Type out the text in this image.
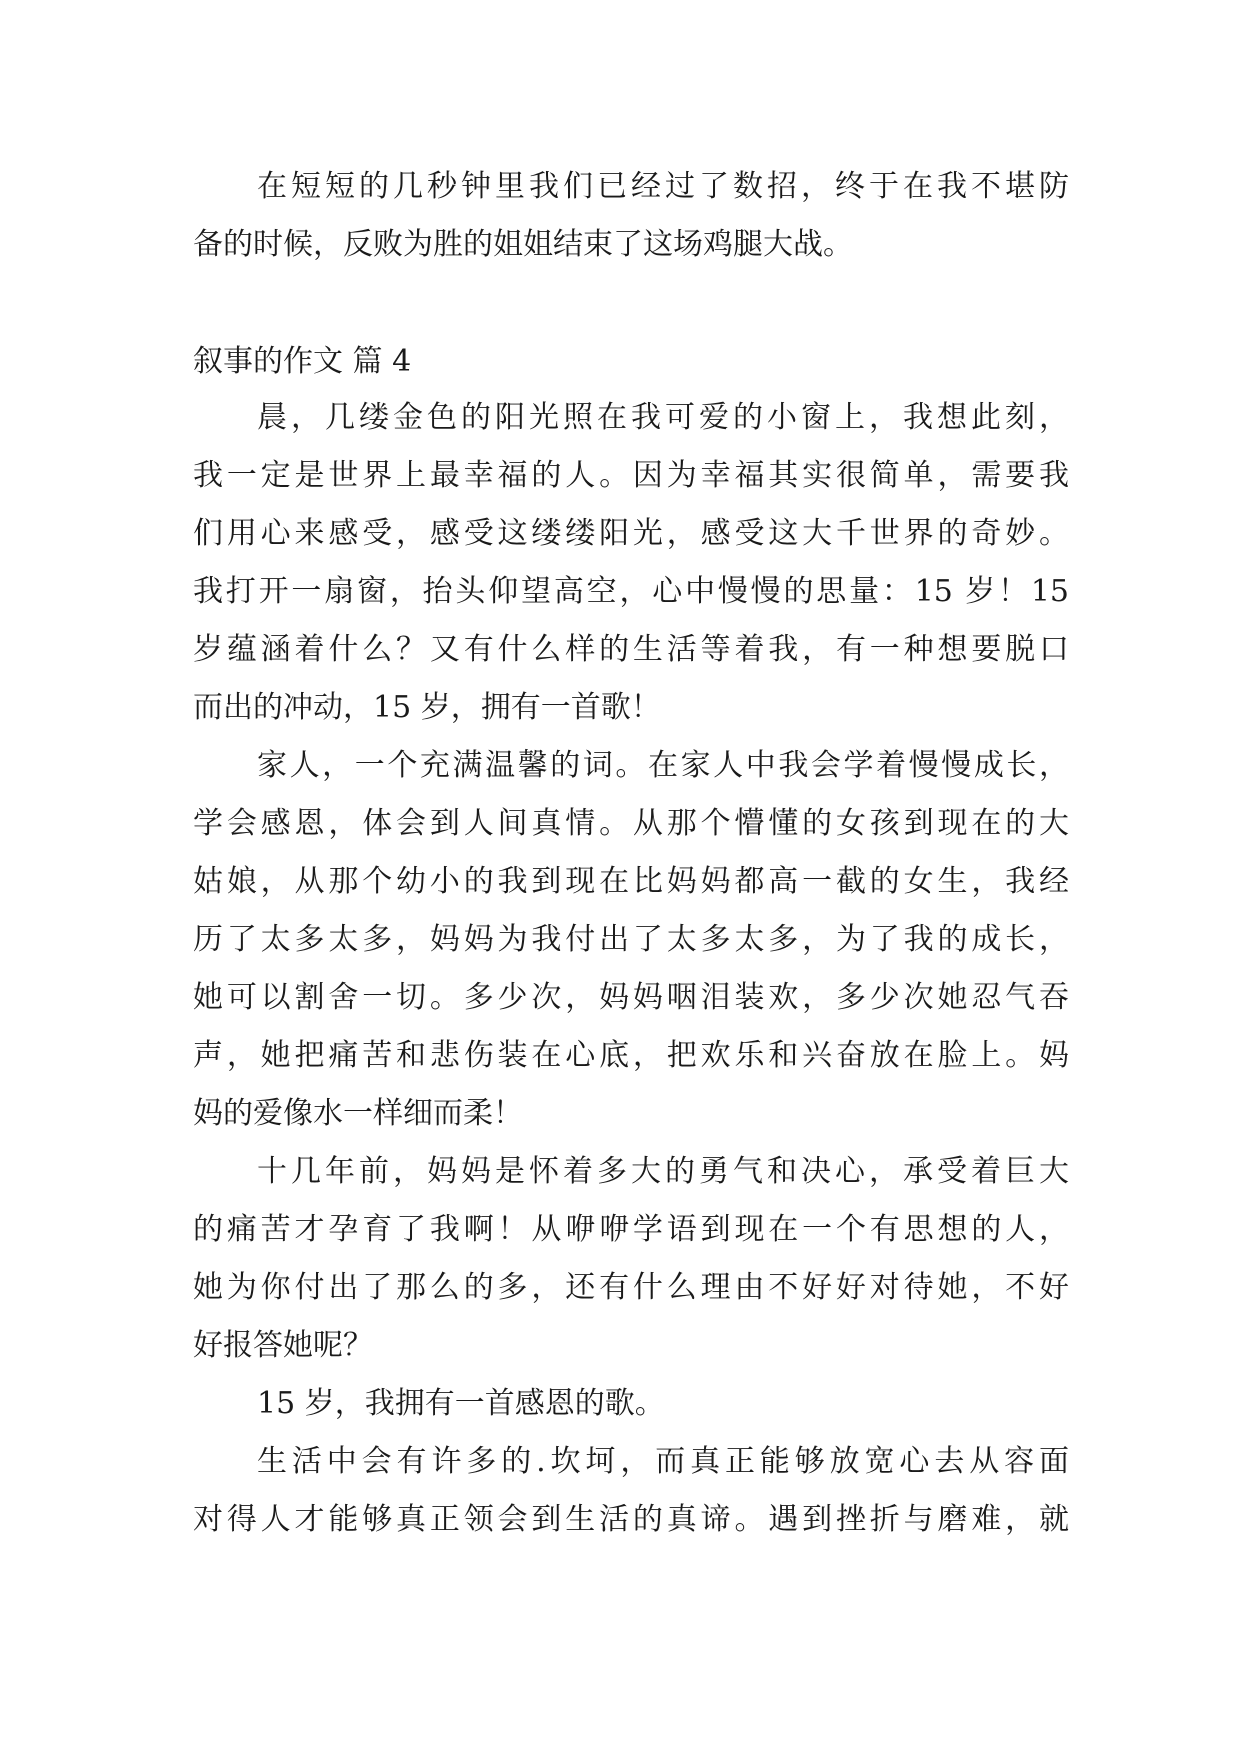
在短短的几秒钟里我们已经过了数招，终于在我不堪防
备的时候，反败为胜的姐姐结束了这场鸡腿大战。
叙事的作文 篇 4
晨，几缕金色的阳光照在我可爱的小窗上，我想此刻，
我一定是世界上最幸福的人。因为幸福其实很简单，需要我
们用心来感受，感受这缕缕阳光，感受这大千世界的奇妙。
我打开一扇窗，抬头仰望高空，心中慢慢的思量：15 岁！15
岁蕴涵着什么？又有什么样的生活等着我，有一种想要脱口
而出的冲动，15 岁，拥有一首歌！
家人，一个充满温馨的词。在家人中我会学着慢慢成长，
学会感恩，体会到人间真情。从那个懵懂的女孩到现在的大
姑娘，从那个幼小的我到现在比妈妈都高一截的女生，我经
历了太多太多，妈妈为我付出了太多太多，为了我的成长，
她可以割舍一切。多少次，妈妈咽泪装欢，多少次她忍气吞
声，她把痛苦和悲伤装在心底，把欢乐和兴奋放在脸上。妈
妈的爱像水一样细而柔！
十几年前，妈妈是怀着多大的勇气和决心，承受着巨大
的痛苦才孕育了我啊！从咿咿学语到现在一个有思想的人，
她为你付出了那么的多，还有什么理由不好好对待她，不好
好报答她呢？
15 岁，我拥有一首感恩的歌。
生活中会有许多的.坎坷，而真正能够放宽心去从容面
对得人才能够真正领会到生活的真谛。遇到挫折与磨难，就
